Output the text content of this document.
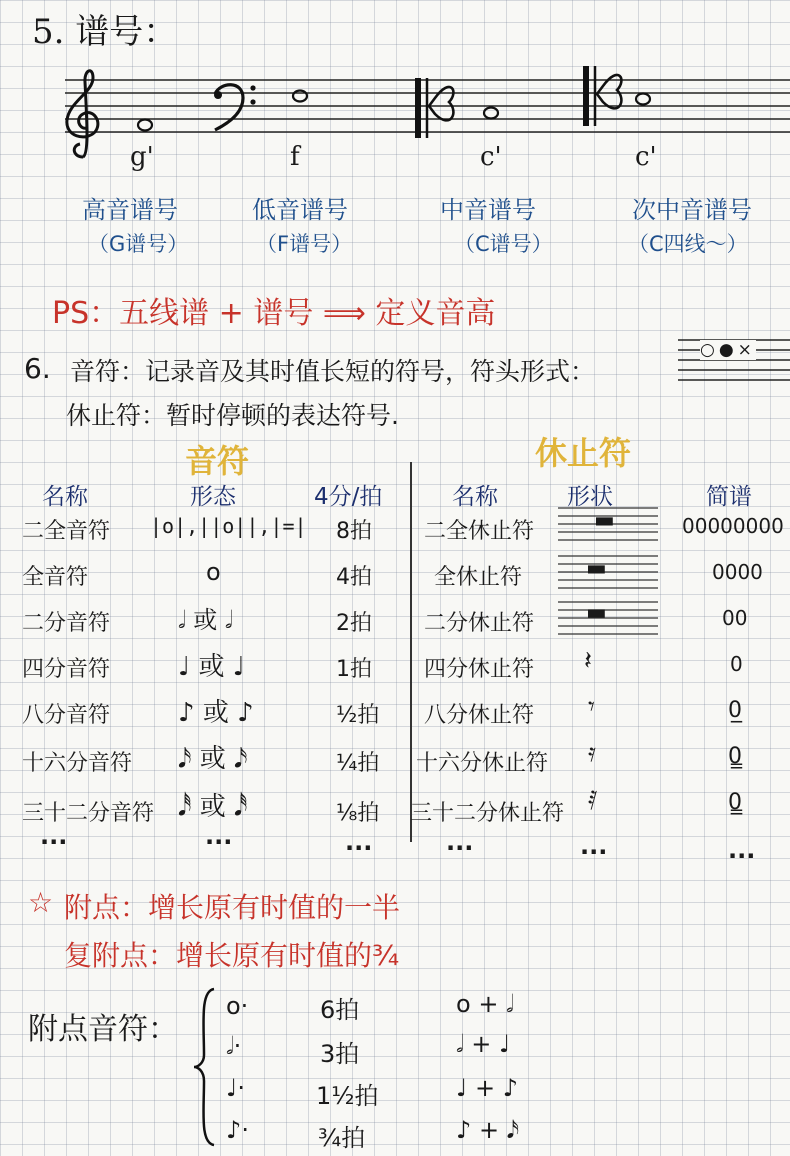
5. 谱号：
g'	f	c'	c'
高音谱号
（G谱号）
低音谱号
（F谱号）
中音谱号
（C谱号）
次中音谱号
（C四线～）
PS：五线谱 + 谱号 ⟹ 定义音高
6. 音符：记录音及其时值长短的符号，符头形式：
○●×
休止符：暂时停顿的表达符号.
音符	休止符
名称	形态	4分/拍	名称	形状	简谱
二全音符 |o|,||o||,|=| 8拍 二全休止符	▬	00000000
全音符	o	4拍	全休止符	▬	0000
二分音符	𝅗𝅥 或 𝅗𝅥	2拍 二分休止符 ▬	00
四分音符	♩ 或 ♩	1拍 四分休止符 𝄽	0
八分音符	♪ 或 ♪	½拍 八分休止符 𝄾	0̲
十六分音符 𝅘𝅥𝅯 或 𝅘𝅥𝅯	¼拍 十六分休止符 𝄿	0̳
三十二分音符 𝅘𝅥𝅰 或 𝅘𝅥𝅰	⅛拍 三十二分休止符 𝅀	0̳̲
···	···	···	···	···	···
☆ 附点：增长原有时值的一半
复附点：增长原有时值的¾
附点音符：
o·	6拍	o + 𝅗𝅥
𝅗𝅥·	3拍	𝅗𝅥 + ♩
♩·	1½拍	♩ + ♪
♪·	¾拍	♪ + 𝅘𝅥𝅯
